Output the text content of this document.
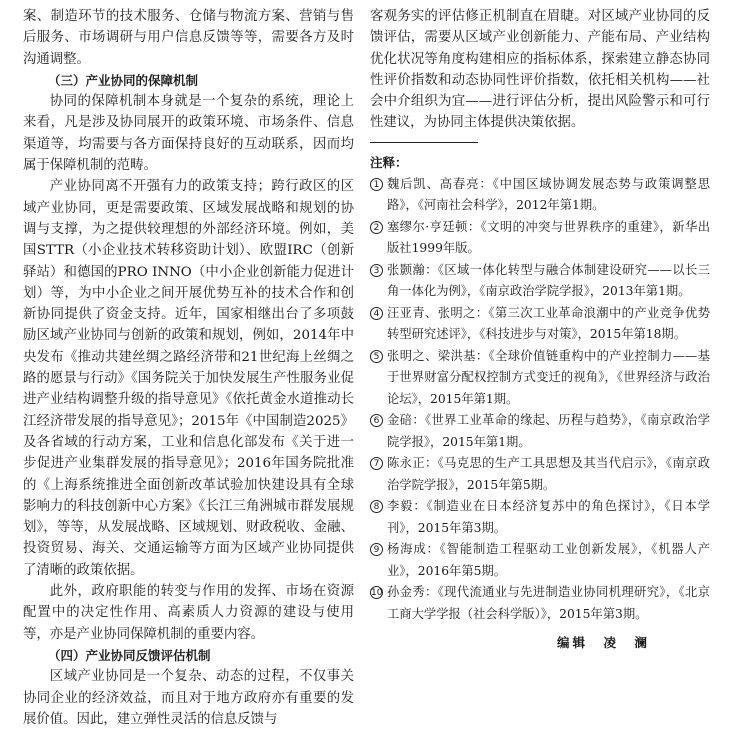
案、制造环节的技术服务、仓储与物流方案、营销与售后服务、市场调研与用户信息反馈等等，需要各方及时沟通调整。

（三）产业协同的保障机制

协同的保障机制本身就是一个复杂的系统，理论上来看，凡是涉及协同展开的政策环境、市场条件、信息渠道等，均需要与各方面保持良好的互动联系，因而均属于保障机制的范畴。

产业协同离不开强有力的政策支持；跨行政区的区域产业协同，更是需要政策、区域发展战略和规划的协调与支撑，为之提供较理想的外部经济环境。例如，美国STTR（小企业技术转移资助计划）、欧盟IRC（创新驿站）和德国的PRO INNO（中小企业创新能力促进计划）等，为中小企业之间开展优势互补的技术合作和创新协同提供了资金支持。近年，国家相继出台了多项鼓励区域产业协同与创新的政策和规划，例如，2014年中央发布《推动共建丝绸之路经济带和21世纪海上丝绸之路的愿景与行动》《国务院关于加快发展生产性服务业促进产业结构调整升级的指导意见》《依托黄金水道推动长江经济带发展的指导意见》；2015年《中国制造2025》及各省域的行动方案，工业和信息化部发布《关于进一步促进产业集群发展的指导意见》；2016年国务院批准的《上海系统推进全面创新改革试验加快建设具有全球影响力的科技创新中心方案》《长江三角洲城市群发展规划》，等等，从发展战略、区域规划、财政税收、金融、投资贸易、海关、交通运输等方面为区域产业协同提供了清晰的政策依据。

此外，政府职能的转变与作用的发挥、市场在资源配置中的决定性作用、高素质人力资源的建设与使用等，亦是产业协同保障机制的重要内容。

（四）产业协同反馈评估机制

区域产业协同是一个复杂、动态的过程，不仅事关协同企业的经济效益，而且对于地方政府亦有重要的发展价值。因此，建立弹性灵活的信息反馈与

客观务实的评估修正机制直在眉睫。对区域产业协同的反馈评估，需要从区域产业创新能力、产能布局、产业结构优化状况等角度构建相应的指标体系，探索建立静态协同性评价指数和动态协同性评价指数，依托相关机构——社会中介组织为宜——进行评估分析，提出风险警示和可行性建议，为协同主体提供决策依据。

注释：
1 魏后凯、高春亮：《中国区域协调发展态势与政策调整思路》，《河南社会科学》，2012年第1期。
2 塞缪尔·亨廷顿：《文明的冲突与世界秩序的重建》，新华出版社1999年版。
3 张颢瀚：《区域一体化转型与融合体制建设研究——以长三角一体化为例》，《南京政治学院学报》，2013年第1期。
4 汪亚青、张明之：《第三次工业革命浪潮中的产业竞争优势转型研究述评》，《科技进步与对策》，2015年第18期。
5 张明之、梁洪基：《全球价值链重构中的产业控制力——基于世界财富分配权控制方式变迁的视角》，《世界经济与政治论坛》，2015年第1期。
6 金碚：《世界工业革命的缘起、历程与趋势》，《南京政治学院学报》，2015年第1期。
7 陈永正：《马克思的生产工具思想及其当代启示》，《南京政治学院学报》，2015年第5期。
8 李毅：《制造业在日本经济复苏中的角色探讨》，《日本学刊》，2015年第3期。
9 杨海成：《智能制造工程驱动工业创新发展》，《机器人产业》，2016年第5期。
10 孙金秀：《现代流通业与先进制造业协同机理研究》，《北京工商大学学报（社会科学版）》，2015年第3期。
编辑　凌　澜
